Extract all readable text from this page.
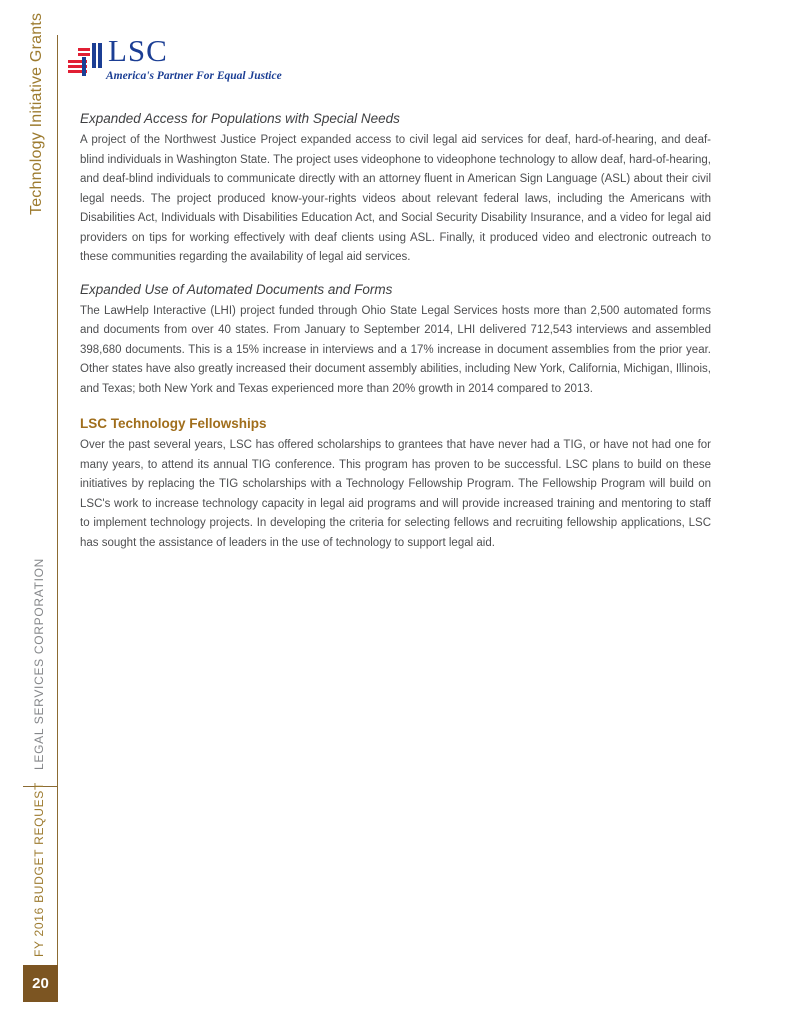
Technology Initiative Grants
LEGAL SERVICES CORPORATION
FY 2016 BUDGET REQUEST
20
LSC
America's Partner For Equal Justice
Expanded Access for Populations with Special Needs

A project of the Northwest Justice Project expanded access to civil legal aid services for deaf, hard-of-hearing, and deaf-blind individuals in Washington State. The project uses videophone to videophone technology to allow deaf, hard-of-hearing, and deaf-blind individuals to communicate directly with an attorney fluent in American Sign Language (ASL) about their civil legal needs. The project produced know-your-rights videos about relevant federal laws, including the Americans with Disabilities Act, Individuals with Disabilities Education Act, and Social Security Disability Insurance, and a video for legal aid providers on tips for working effectively with deaf clients using ASL. Finally, it produced video and electronic outreach to these communities regarding the availability of legal aid services.

Expanded Use of Automated Documents and Forms

The LawHelp Interactive (LHI) project funded through Ohio State Legal Services hosts more than 2,500 automated forms and documents from over 40 states. From January to September 2014, LHI delivered 712,543 interviews and assembled 398,680 documents. This is a 15% increase in interviews and a 17% increase in document assemblies from the prior year. Other states have also greatly increased their document assembly abilities, including New York, California, Michigan, Illinois, and Texas; both New York and Texas experienced more than 20% growth in 2014 compared to 2013.

LSC Technology Fellowships

Over the past several years, LSC has offered scholarships to grantees that have never had a TIG, or have not had one for many years, to attend its annual TIG conference. This program has proven to be successful. LSC plans to build on these initiatives by replacing the TIG scholarships with a Technology Fellowship Program. The Fellowship Program will build on LSC's work to increase technology capacity in legal aid programs and will provide increased training and mentoring to staff to implement technology projects. In developing the criteria for selecting fellows and recruiting fellowship applications, LSC has sought the assistance of leaders in the use of technology to support legal aid.
